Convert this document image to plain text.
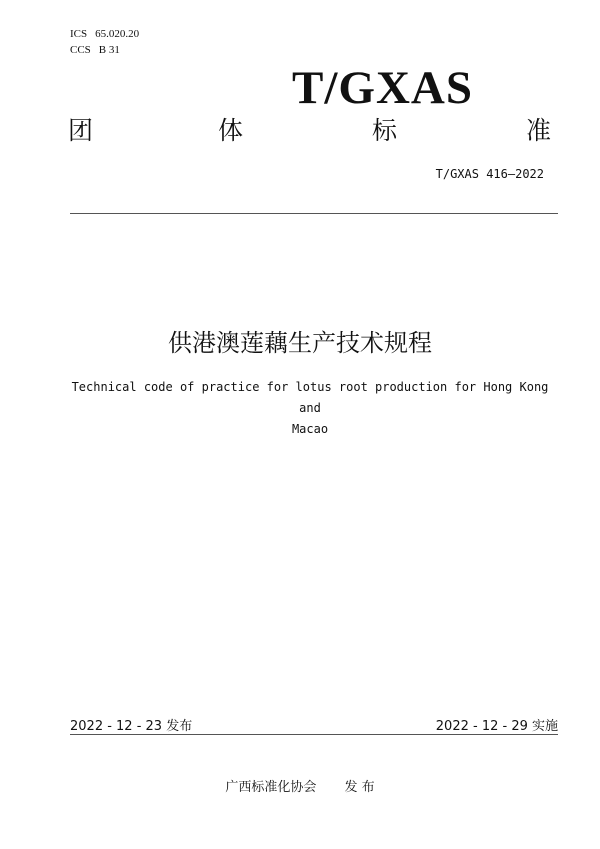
ICS 65.020.20
CCS B 31
T/GXAS
团	体	标	准
T/GXAS 416—2022
供港澳莲藕生产技术规程
Technical code of practice for lotus root production for Hong Kong and
Macao
2022 - 12 - 23 发布	2022 - 12 - 29 实施
广西标准化协会 发 布
